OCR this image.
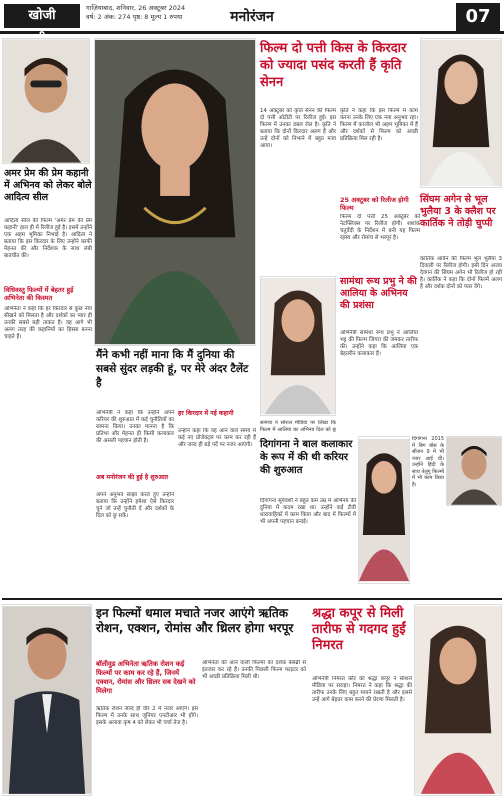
खोजी	गाज़ियाबाद, शनिवार, 26 अक्टूबर 2024
वर्ष: 2 अंक: 274 पृष्ठ: 8 मूल्य 1 रुपया	मनोरंजन	07
अमर प्रेम की प्रेम कहानी में अभिनव को लेकर बोले आदित्य सील
आदित्य सील की फिल्म 'अमर प्रेम की प्रेम कहानी' हाल ही में रिलीज हुई है। इसमें उन्होंने एक अहम भूमिका निभाई है। आदित्य ने बताया कि इस किरदार के लिए उन्होंने काफी मेहनत की और निर्देशक के साथ लंबी बातचीत की।
विधिवस्तु फिल्मों में बेहतर हुई अभिनेता की किस्मत
अभिनेता ने कहा कि हर किरदार से कुछ नया सीखने को मिलता है और दर्शकों का प्यार ही उनकी सबसे बड़ी ताकत है। वह आगे भी अलग तरह की कहानियों का हिस्सा बनना चाहते हैं।
फिल्म दो पत्ती किस के किरदार को ज्यादा पसंद करती हैं कृति सेनन
14 अक्टूबर को कृति सेनन की फिल्म दो पत्ती ओटीटी पर रिलीज हुई। इस फिल्म में उनका डबल रोल है। कृति ने बताया कि दोनों किरदार अलग हैं और उन्हें दोनों को निभाने में बहुत मजा आया।
कृति ने कहा कि इस फिल्म में काम करना उनके लिए एक नया अनुभव रहा। फिल्म में काजोल भी अहम भूमिका में हैं और दर्शकों से फिल्म को अच्छी प्रतिक्रिया मिल रही है।
25 अक्टूबर को रिलीज होगी फिल्म
फिल्म दो पत्ती 25 अक्टूबर को नेटफ्लिक्स पर रिलीज होगी। शशांक चतुर्वेदी के निर्देशन में बनी यह फिल्म रहस्य और रोमांच से भरपूर है।
मैंने कभी नहीं माना कि मैं दुनिया की सबसे सुंदर लड़की हूं, पर मेरे अंदर टैलेंट है
अभिनेत्री ने कहा कि उन्होंने अपने करियर की शुरुआत में कई चुनौतियों का सामना किया। उनका मानना है कि प्रतिभा और मेहनत ही किसी कलाकार की असली पहचान होती है।
अब मनोरंजन की हुई है शुरुआत
अपने अनुभव साझा करते हुए उन्होंने बताया कि उन्होंने हमेशा ऐसे किरदार चुने जो उन्हें चुनौती दें और दर्शकों के दिल को छू सकें।
हर किरदार में नई कहानी
उन्होंने कहा कि वह आने वाले समय में कई नए प्रोजेक्ट्स पर काम कर रही हैं और जल्द ही बड़े पर्दे पर नजर आएंगी।
सामंथा रूथ प्रभु ने की आलिया के अभिनय की प्रशंसा
अभिनेत्री सामंथा रूथ प्रभु ने आलिया भट्ट की फिल्म जिगरा की जमकर तारीफ की। उन्होंने कहा कि आलिया एक बेहतरीन कलाकार हैं।
सामंथा ने सोशल मीडिया पर लिखा कि फिल्म में आलिया का अभिनय दिल को छू
सिंघम अगेन से भूल भुलैया 3 के क्लैश पर कार्तिक ने तोड़ी चुप्पी
कार्तिक आर्यन की फिल्म भूल भुलैया 3 दिवाली पर रिलीज होगी। इसी दिन अजय देवगन की सिंघम अगेन भी रिलीज हो रही है। कार्तिक ने कहा कि दोनों फिल्में अलग हैं और दर्शक दोनों को प्यार देंगे।
दिगांगना ने बाल कलाकार के रूप में की थी करियर की शुरुआत
दिगांगना सूर्यवंशी ने बहुत कम उम्र में अभिनय की दुनिया में कदम रखा था। उन्होंने कई टीवी धारावाहिकों में काम किया और बाद में फिल्मों में भी अपनी पहचान बनाई।
दिगांगना 2015 में बिग बॉस के सीजन 9 में भी नजर आई थीं। उन्होंने हिंदी के साथ तेलुगु फिल्मों में भी काम किया है।
इन फिल्मों धमाल मचाते नजर आएंगे ऋतिक रोशन, एक्शन, रोमांस और थ्रिलर होगा भरपूर
बॉलीवुड अभिनेता ऋतिक रोशन कई फिल्मों पर काम कर रहे हैं, जिनमें एक्शन, रोमांस और थ्रिलर सब देखने को मिलेगा
ऋतिक रोशन जल्द ही वॉर 2 में नजर आएंगे। इस फिल्म में उनके साथ जूनियर एनटीआर भी होंगे। इसके अलावा कृष 4 को लेकर भी चर्चा तेज है।
अभिनेता की आने वाली फिल्मों का दर्शक बेसब्री से इंतजार कर रहे हैं। उनकी पिछली फिल्म फाइटर को भी अच्छी प्रतिक्रिया मिली थी।
श्रद्धा कपूर से मिली तारीफ से गदगद हुईं निमरत
अभिनेत्री निमरत कौर को श्रद्धा कपूर ने सोशल मीडिया पर सराहा। निमरत ने कहा कि श्रद्धा की तारीफ उनके लिए बहुत मायने रखती है और इससे उन्हें आगे बेहतर काम करने की प्रेरणा मिलती है।
